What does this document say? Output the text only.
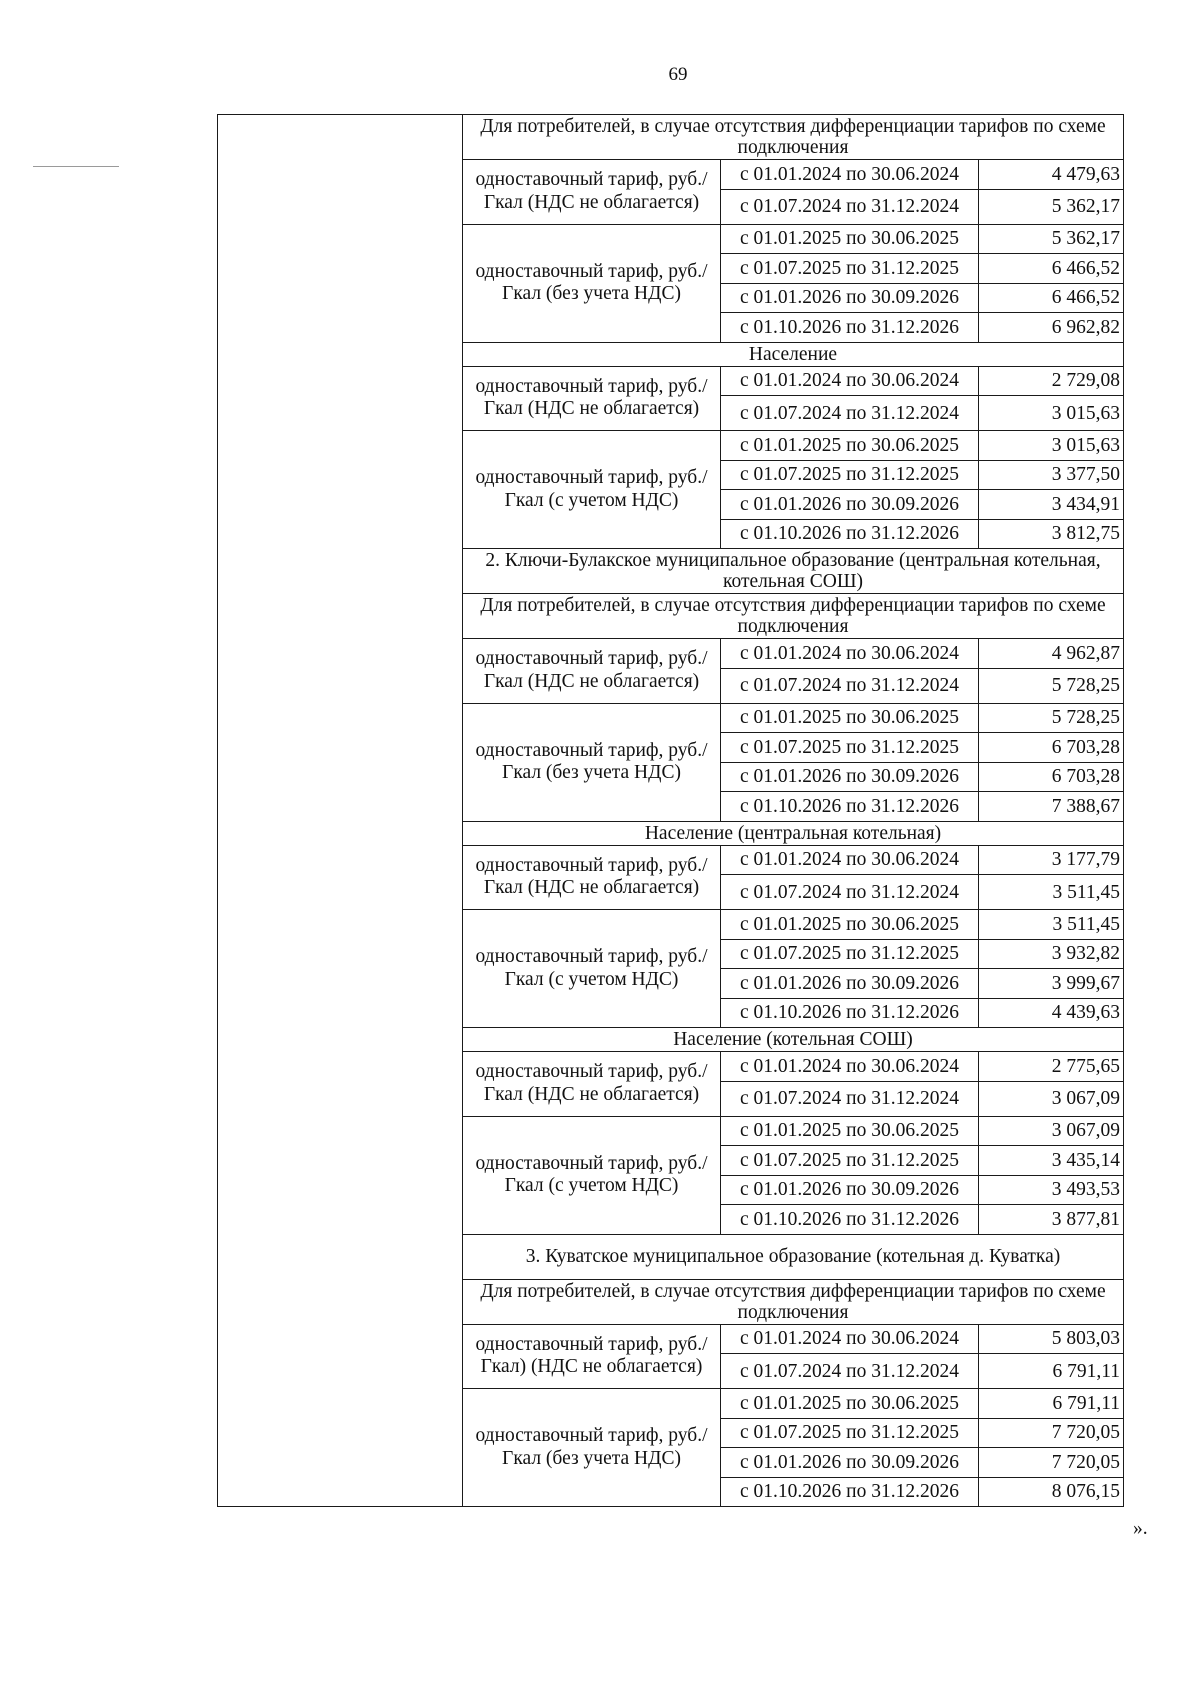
69
	Для потребителей, в случае отсутствия дифференциации тарифов по схеме подключения		
	одноставочный тариф, руб./Гкал (НДС не облагается)	с 01.01.2024 по 30.06.2024	4 479,63
		с 01.07.2024 по 31.12.2024	5 362,17
	одноставочный тариф, руб./Гкал (без учета НДС)	с 01.01.2025 по 30.06.2025	5 362,17
		с 01.07.2025 по 31.12.2025	6 466,52
		с 01.01.2026 по 30.09.2026	6 466,52
		с 01.10.2026 по 31.12.2026	6 962,82
	Население		
	одноставочный тариф, руб./Гкал (НДС не облагается)	с 01.01.2024 по 30.06.2024	2 729,08
		с 01.07.2024 по 31.12.2024	3 015,63
	одноставочный тариф, руб./Гкал (с учетом НДС)	с 01.01.2025 по 30.06.2025	3 015,63
		с 01.07.2025 по 31.12.2025	3 377,50
		с 01.01.2026 по 30.09.2026	3 434,91
		с 01.10.2026 по 31.12.2026	3 812,75
	2. Ключи-Булакское муниципальное образование (центральная котельная, котельная СОШ)		
	Для потребителей, в случае отсутствия дифференциации тарифов по схеме подключения		
	одноставочный тариф, руб./Гкал (НДС не облагается)	с 01.01.2024 по 30.06.2024	4 962,87
		с 01.07.2024 по 31.12.2024	5 728,25
	одноставочный тариф, руб./Гкал (без учета НДС)	с 01.01.2025 по 30.06.2025	5 728,25
		с 01.07.2025 по 31.12.2025	6 703,28
		с 01.01.2026 по 30.09.2026	6 703,28
		с 01.10.2026 по 31.12.2026	7 388,67
	Население (центральная котельная)		
	одноставочный тариф, руб./Гкал (НДС не облагается)	с 01.01.2024 по 30.06.2024	3 177,79
		с 01.07.2024 по 31.12.2024	3 511,45
	одноставочный тариф, руб./Гкал (с учетом НДС)	с 01.01.2025 по 30.06.2025	3 511,45
		с 01.07.2025 по 31.12.2025	3 932,82
		с 01.01.2026 по 30.09.2026	3 999,67
		с 01.10.2026 по 31.12.2026	4 439,63
	Население (котельная СОШ)		
	одноставочный тариф, руб./Гкал (НДС не облагается)	с 01.01.2024 по 30.06.2024	2 775,65
		с 01.07.2024 по 31.12.2024	3 067,09
	одноставочный тариф, руб./Гкал (с учетом НДС)	с 01.01.2025 по 30.06.2025	3 067,09
		с 01.07.2025 по 31.12.2025	3 435,14
		с 01.01.2026 по 30.09.2026	3 493,53
		с 01.10.2026 по 31.12.2026	3 877,81
	3. Куватское муниципальное образование (котельная д. Куватка)		
	Для потребителей, в случае отсутствия дифференциации тарифов по схеме подключения		
	одноставочный тариф, руб./Гкал) (НДС не облагается)	с 01.01.2024 по 30.06.2024	5 803,03
		с 01.07.2024 по 31.12.2024	6 791,11
	одноставочный тариф, руб./Гкал (без учета НДС)	с 01.01.2025 по 30.06.2025	6 791,11
		с 01.07.2025 по 31.12.2025	7 720,05
		с 01.01.2026 по 30.09.2026	7 720,05
		с 01.10.2026 по 31.12.2026	8 076,15
».
